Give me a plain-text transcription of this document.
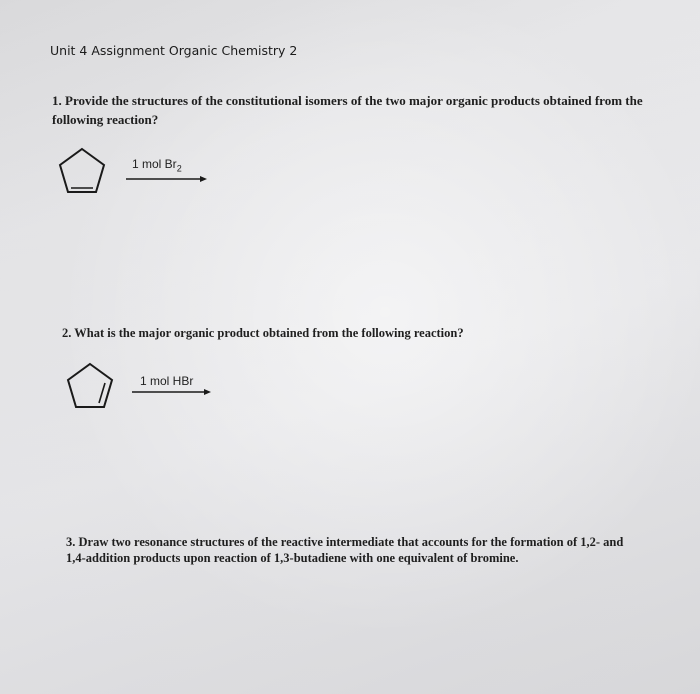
Unit 4 Assignment Organic Chemistry 2
1. Provide the structures of the constitutional isomers of the two major organic products obtained from the
following reaction?
1 mol $Br_2$
2. What is the major organic product obtained from the following reaction?
1 mol HBr
3. Draw two resonance structures of the reactive intermediate that accounts for the formation of 1,2- and
1,4-addition products upon reaction of 1,3-butadiene with one equivalent of bromine.
